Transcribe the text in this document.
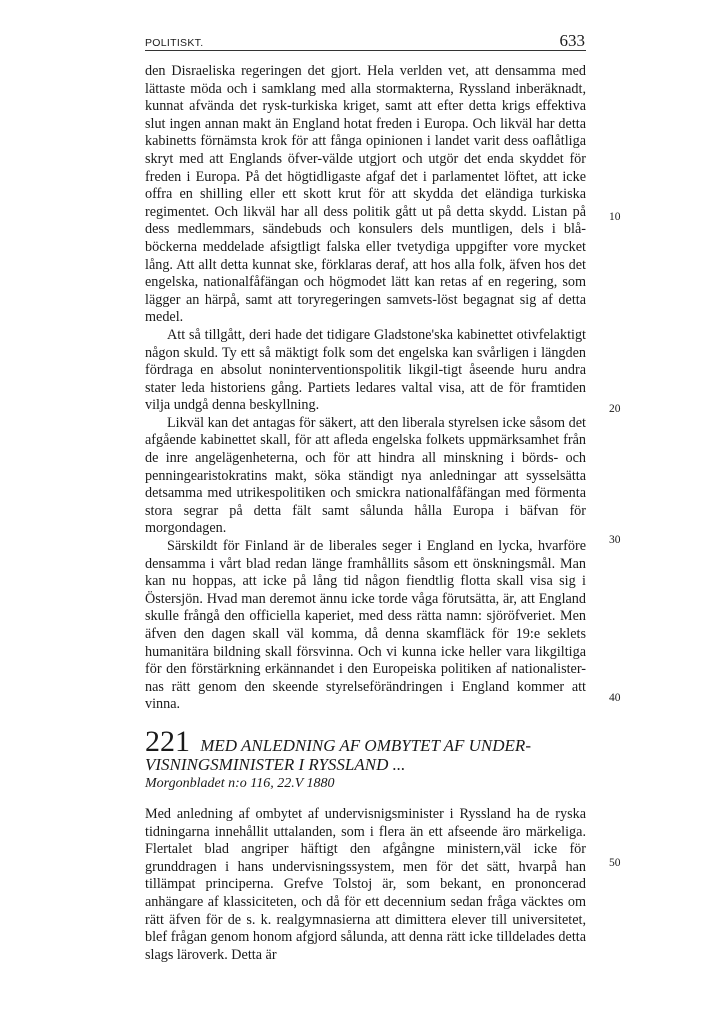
POLITISKT.	633

den Disraeliska regeringen det gjort. Hela verlden vet, att densamma med lättaste möda och i samklang med alla stormakterna, Ryssland inberäknadt, kunnat afvända det rysk-turkiska kriget, samt att efter detta krigs effektiva slut ingen annan makt än England hotat freden i Europa. Och likväl har detta kabinetts förnämsta krok för att fånga opinionen i landet varit dess oaflåtliga skryt med att Englands öfver-välde utgjort och utgör det enda skyddet för freden i Europa. På det högtidligaste afgaf det i parlamentet löftet, att icke offra en shilling eller ett skott krut för att skydda det eländiga turkiska regimentet. Och likväl har all dess politik gått ut på detta skydd. Listan på dess medlemmars, sändebuds och konsulers dels muntligen, dels i blå-böckerna meddelade afsigtligt falska eller tvetydiga uppgifter vore mycket lång. Att allt detta kunnat ske, förklaras deraf, att hos alla folk, äfven hos det engelska, nationalfåfängan och högmodet lätt kan retas af en regering, som lägger an härpå, samt att toryregeringen samvets-löst begagnat sig af detta medel.

Att så tillgått, deri hade det tidigare Gladstone'ska kabinettet otivfelaktigt någon skuld. Ty ett så mäktigt folk som det engelska kan svårligen i längden fördraga en absolut noninterventionspolitik likgil-tigt åseende huru andra stater leda historiens gång. Partiets ledares valtal visa, att de för framtiden vilja undgå denna beskyllning.

Likväl kan det antagas för säkert, att den liberala styrelsen icke såsom det afgående kabinettet skall, för att afleda engelska folkets uppmärksamhet från de inre angelägenheterna, och för att hindra all minskning i börds- och penningearistokratins makt, söka ständigt nya anledningar att sysselsätta detsamma med utrikespolitiken och smickra nationalfåfängan med förmenta stora segrar på detta fält samt sålunda hålla Europa i bäfvan för morgondagen.

Särskildt för Finland är de liberales seger i England en lycka, hvarföre densamma i vårt blad redan länge framhållits såsom ett önskningsmål. Man kan nu hoppas, att icke på lång tid någon fiendtlig flotta skall visa sig i Östersjön. Hvad man deremot ännu icke torde våga förutsätta, är, att England skulle frångå den officiella kaperiet, med dess rätta namn: sjöröfveriet. Men äfven den dagen skall väl komma, då denna skamfläck för 19:e seklets humanitära bildning skall försvinna. Och vi kunna icke heller vara likgiltiga för den förstärkning erkännandet i den Europeiska politiken af nationalister-nas rätt genom den skeende styrelseförändringen i England kommer att vinna.

10
20
30
40
50
221 MED ANLEDNING AF OMBYTET AF UNDER-
VISNINGSMINISTER I RYSSLAND ...
Morgonbladet n:o 116, 22.V 1880

Med anledning af ombytet af undervisnigsminister i Ryssland ha de ryska tidningarna innehållit uttalanden, som i flera än ett afseende äro märkeliga. Flertalet blad angriper häftigt den afgångne ministern,väl icke för grunddragen i hans undervisningssystem, men för det sätt, hvarpå han tillämpat principerna. Grefve Tolstoj är, som bekant, en prononcerad anhängare af klassiciteten, och då för ett decennium sedan fråga väcktes om rätt äfven för de s. k. realgymnasierna att dimittera elever till universitetet, blef frågan genom honom afgjord sålunda, att denna rätt icke tilldelades detta slags läroverk. Detta är
